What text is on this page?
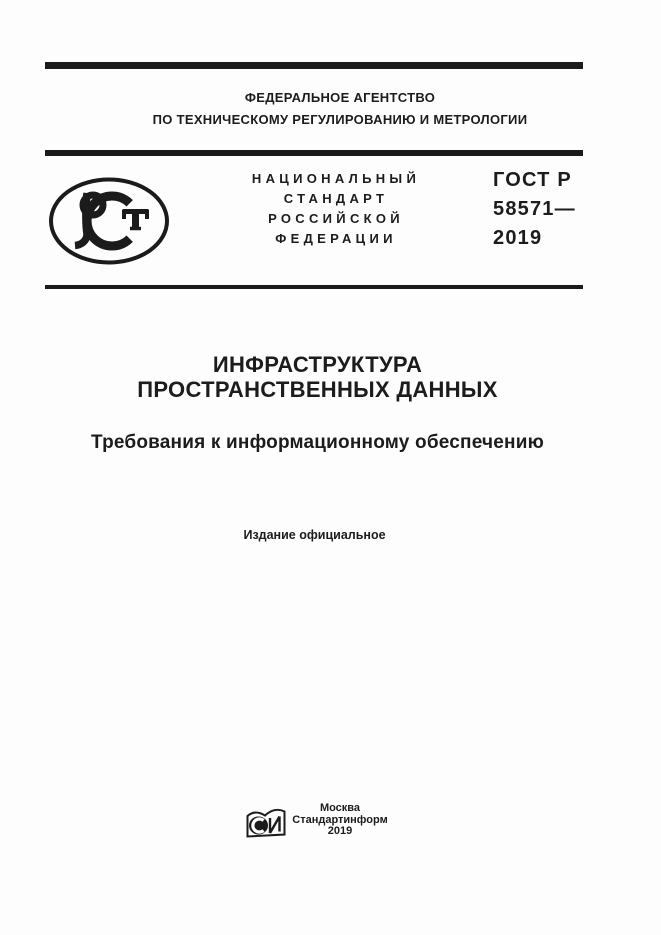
ФЕДЕРАЛЬНОЕ АГЕНТСТВО
ПО ТЕХНИЧЕСКОМУ РЕГУЛИРОВАНИЮ И МЕТРОЛОГИИ
НАЦИОНАЛЬНЫЙ
СТАНДАРТ
РОССИЙСКОЙ
ФЕДЕРАЦИИ
ГОСТ Р
58571—
2019
ИНФРАСТРУКТУРА
ПРОСТРАНСТВЕННЫХ ДАННЫХ
Требования к информационному обеспечению
Издание официальное
Москва
Стандартинформ
2019
